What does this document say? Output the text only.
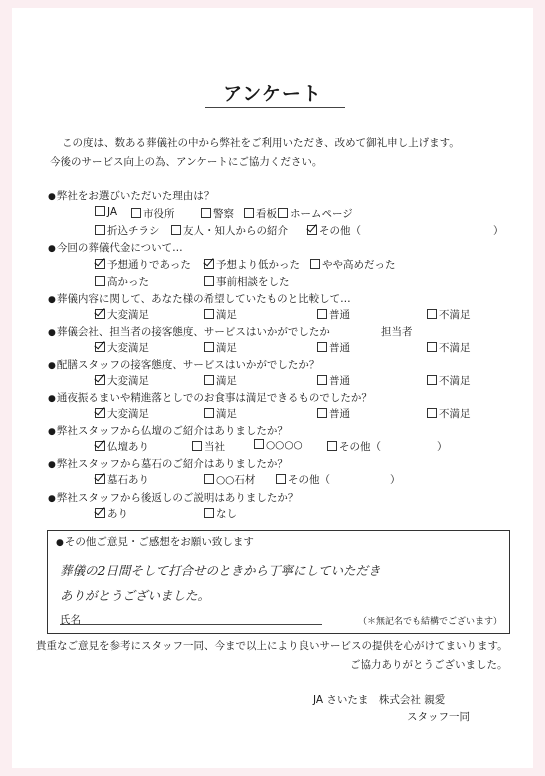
アンケート
この度は、数ある葬儀社の中から弊社をご利用いただき、改めて御礼申し上げます。
今後のサービス向上の為、アンケートにご協力ください。
●弊社をお選びいただいた理由は？
JA	市役所	警察	看板	ホームページ
折込チラシ	友人・知人からの紹介	その他（	）
●今回の葬儀代金について…
予想通りであった	予想より低かった	やや高めだった
高かった	事前相談をした
●葬儀内容に関して、あなた様の希望していたものと比較して…
大変満足	満足	普通	不満足
●葬儀会社、担当者の接客態度、サービスはいかがでしたか	担当者
大変満足	満足	普通	不満足
●配膳スタッフの接客態度、サービスはいかがでしたか？
大変満足	満足	普通	不満足
●通夜振るまいや精進落としでのお食事は満足できるものでしたか？
大変満足	満足	普通	不満足
●弊社スタッフから仏壇のご紹介はありましたか？
仏壇あり	当社	○○○○	その他（	）
●弊社スタッフから墓石のご紹介はありましたか？
墓石あり	○○石材	その他（	）
●弊社スタッフから後返しのご説明はありましたか？
あり	なし
●その他ご意見・ご感想をお願い致します
葬儀の2日間そして打合せのときから丁寧にしていただき
ありがとうございました。
氏名	（＊無記名でも結構でございます）
貴重なご意見を参考にスタッフ一同、今まで以上により良いサービスの提供を心がけてまいります。
ご協力ありがとうございました。
JA さいたま　株式会社 親愛
スタッフ一同
